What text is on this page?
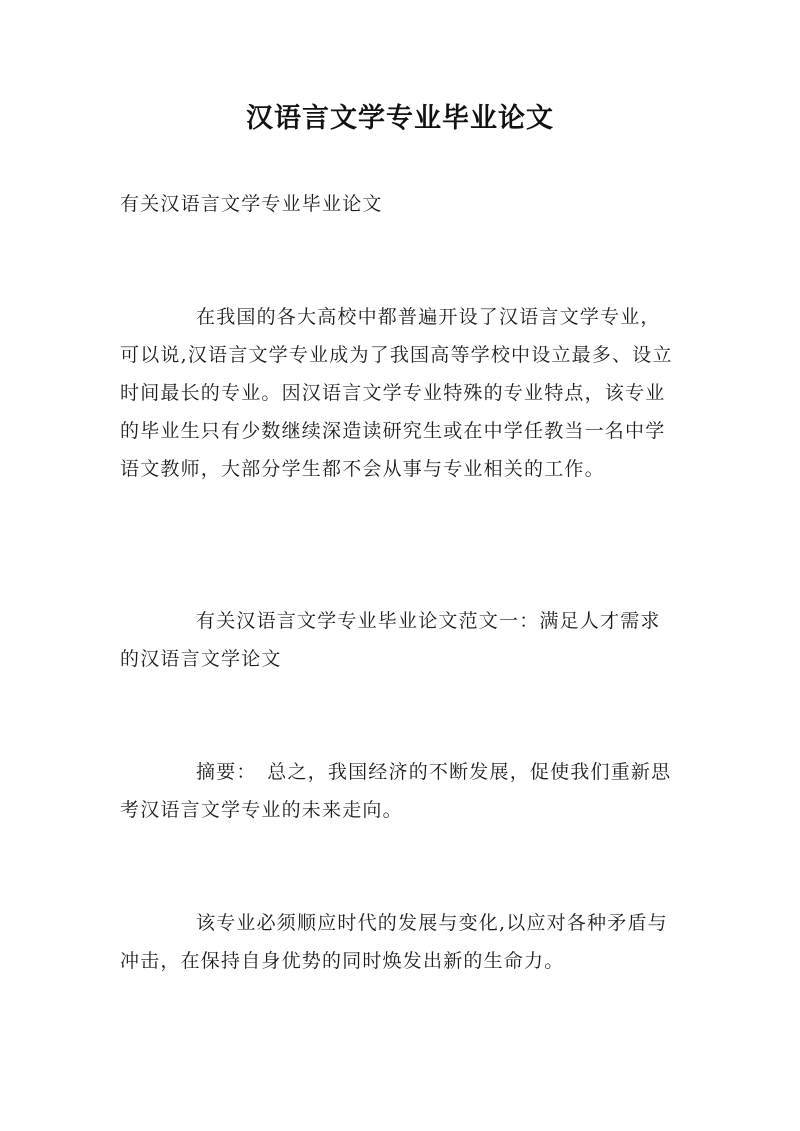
汉语言文学专业毕业论文

有关汉语言文学专业毕业论文

在我国的各大高校中都普遍开设了汉语言文学专业，可以说,汉语言文学专业成为了我国高等学校中设立最多、设立时间最长的专业。因汉语言文学专业特殊的专业特点，该专业的毕业生只有少数继续深造读研究生或在中学任教当一名中学语文教师，大部分学生都不会从事与专业相关的工作。

有关汉语言文学专业毕业论文范文一：满足人才需求的汉语言文学论文

摘要：　总之，我国经济的不断发展，促使我们重新思考汉语言文学专业的未来走向。

该专业必须顺应时代的发展与变化,以应对各种矛盾与冲击，在保持自身优势的同时焕发出新的生命力。
